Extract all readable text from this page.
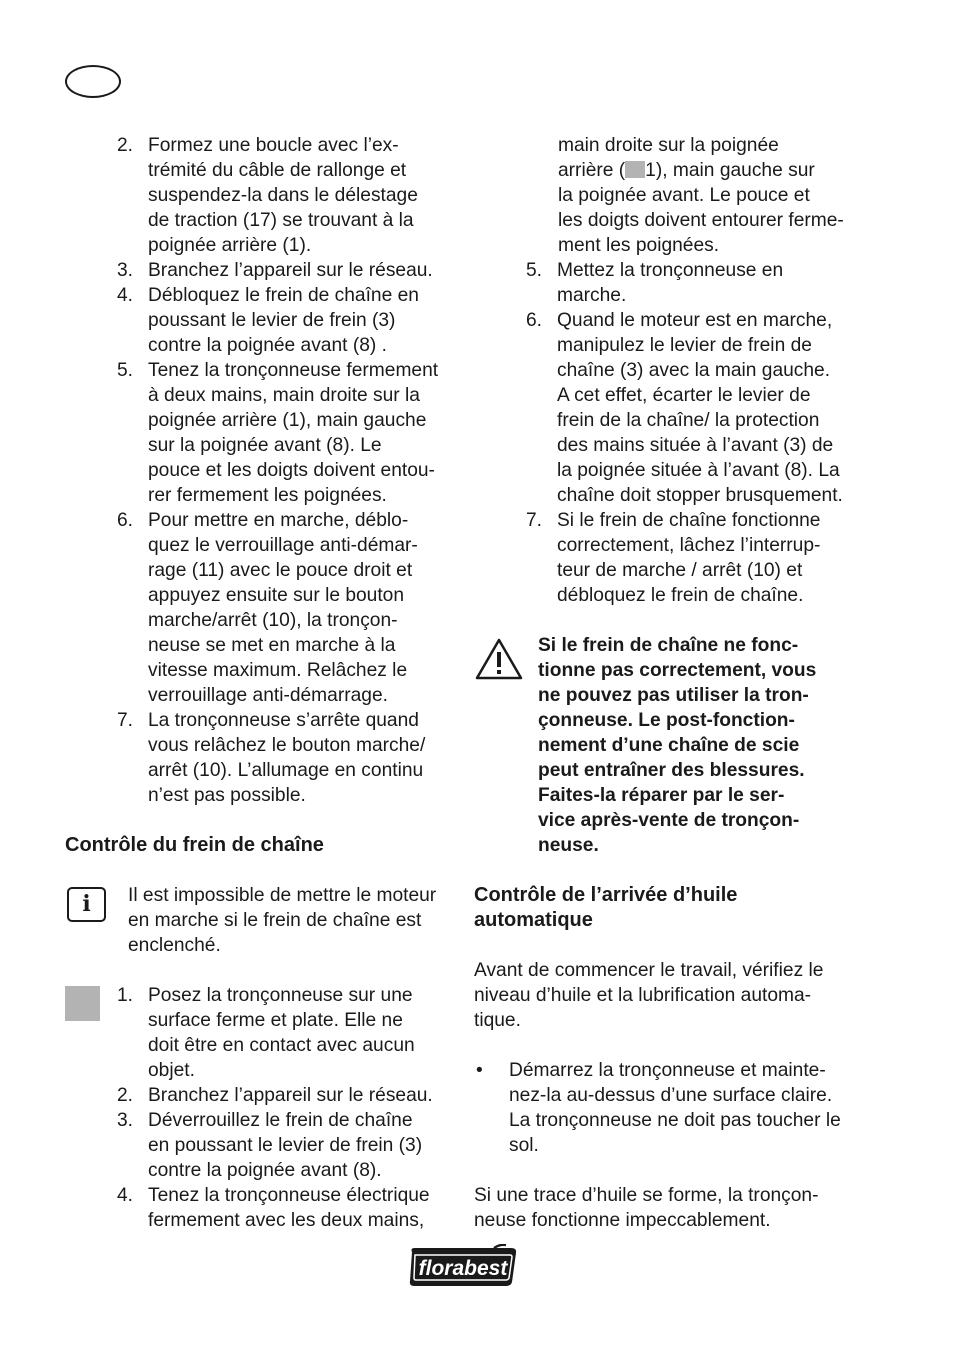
2. Formez une boucle avec l’ex-
trémité du câble de rallonge et
suspendez-la dans le délestage
de traction (17) se trouvant à la
poignée arrière (1).
3. Branchez l’appareil sur le réseau.
4. Débloquez le frein de chaîne en
poussant le levier de frein (3)
contre la poignée avant (8) .
5. Tenez la tronçonneuse fermement
à deux mains, main droite sur la
poignée arrière (1), main gauche
sur la poignée avant (8). Le
pouce et les doigts doivent entou-
rer fermement les poignées.
6. Pour mettre en marche, déblo-
quez le verrouillage anti-démar-
rage (11) avec le pouce droit et
appuyez ensuite sur le bouton
marche/arrêt (10), la tronçon-
neuse se met en marche à la
vitesse maximum. Relâchez le
verrouillage anti-démarrage.
7. La tronçonneuse s’arrête quand
vous relâchez le bouton marche/
arrêt (10). L’allumage en continu
n’est pas possible.
Contrôle du frein de chaîne
i	Il est impossible de mettre le moteur
en marche si le frein de chaîne est
enclenché.
1. Posez la tronçonneuse sur une
surface ferme et plate. Elle ne
doit être en contact avec aucun
objet.
2. Branchez l’appareil sur le réseau.
3. Déverrouillez le frein de chaîne
en poussant le levier de frein (3)
contre la poignée avant (8).
4. Tenez la tronçonneuse électrique
fermement avec les deux mains,
main droite sur la poignée
arrière ( 1), main gauche sur
la poignée avant. Le pouce et
les doigts doivent entourer ferme-
ment les poignées.
5. Mettez la tronçonneuse en
marche.
6. Quand le moteur est en marche,
manipulez le levier de frein de
chaîne (3) avec la main gauche.
A cet effet, écarter le levier de
frein de la chaîne/ la protection
des mains située à l’avant (3) de
la poignée située à l’avant (8). La
chaîne doit stopper brusquement.
7. Si le frein de chaîne fonctionne
correctement, lâchez l’interrup-
teur de marche / arrêt (10) et
débloquez le frein de chaîne.
Si le frein de chaîne ne fonc-
tionne pas correctement, vous
ne pouvez pas utiliser la tron-
çonneuse. Le post-fonction-
nement d’une chaîne de scie
peut entraîner des blessures.
Faites-la réparer par le ser-
vice après-vente de tronçon-
neuse.
Contrôle de l’arrivée d’huile
automatique
Avant de commencer le travail, vérifiez le
niveau d’huile et la lubrification automa-
tique.
• Démarrez la tronçonneuse et mainte-
nez-la au-dessus d’une surface claire.
La tronçonneuse ne doit pas toucher le
sol.
Si une trace d’huile se forme, la tronçon-
neuse fonctionne impeccablement.
florabest
